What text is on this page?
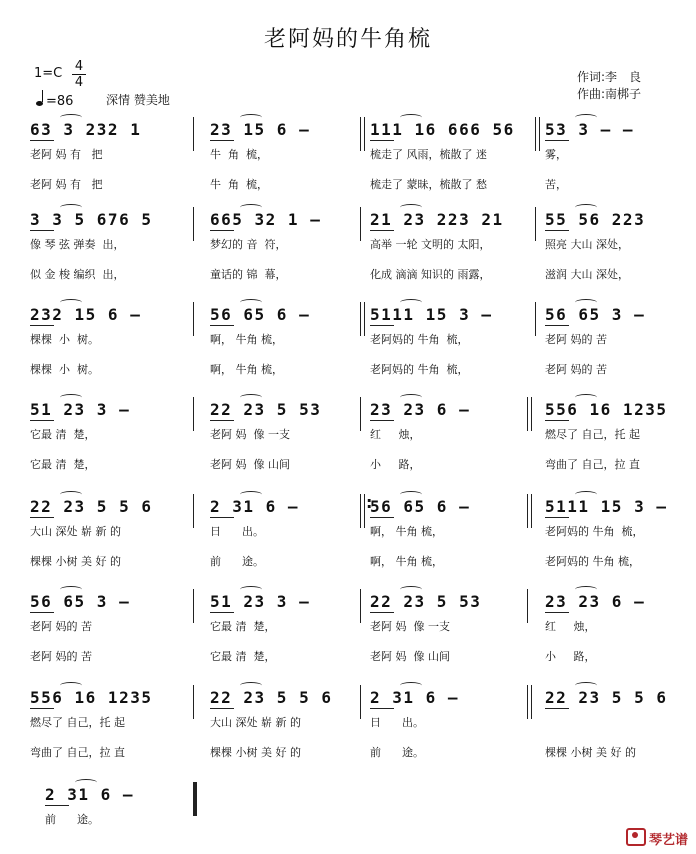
老阿妈的牛角梳
1=C 4
4
=86	深情 赞美地
作词:李　良
作曲:南梆子
63 3 232 1
老阿 妈 有   把
老阿 妈 有   把
23 15 6 –
牛  角  梳，
牛  角  梳，
111 16 666 56
梳走了 风雨，梳散了 迷
梳走了 蒙昧，梳散了 愁
53 3 – –
雾，
苦，
3 3 5 676 5
像 琴 弦 弹奏  出，
似 金 梭 编织  出，
665 32 1 –
梦幻的 音  符，
童话的 锦  幕，
21 23 223 21
高举 一轮 文明的 太阳，
化成 滴滴 知识的 雨露，
55 56 223
照亮 大山 深处，
滋润 大山 深处，
232 15 6 –
棵棵  小  树。
棵棵  小  树。
56 65 6 –
啊， 牛角 梳，
啊， 牛角 梳，
5111 15 3 –
老阿妈的 牛角  梳，
老阿妈的 牛角  梳，
56 65 3 –
老阿 妈的 苦
老阿 妈的 苦
51 23 3 –
它最 清  楚，
它最 清  楚，
22 23 5 53
老阿 妈  像 一支
老阿 妈  像 山间
23 23 6 –
红     烛，
小     路，
556 16 1235
燃尽了 自己，托 起
弯曲了 自己，拉 直
22 23 5 5 6
大山 深处 崭 新 的
棵棵 小树 美 好 的
2 31 6 –
日      出。
前      途。
56 65 6 –
啊， 牛角 梳，
啊， 牛角 梳，
5111 15 3 –
老阿妈的 牛角  梳，
老阿妈的 牛角 梳，
:
56 65 3 –
老阿 妈的 苦
老阿 妈的 苦
51 23 3 –
它最 清  楚，
它最 清  楚，
22 23 5 53
老阿 妈  像 一支
老阿 妈  像 山间
23 23 6 –
红     烛，
小     路，
556 16 1235
燃尽了 自己，托 起
弯曲了 自己，拉 直
22 23 5 5 6
大山 深处 崭 新 的
棵棵 小树 美 好 的
2 31 6 –
日      出。
前      途。
22 23 5 5 6
棵棵 小树 美 好 的
2 31 6 –
前      途。
琴艺谱
